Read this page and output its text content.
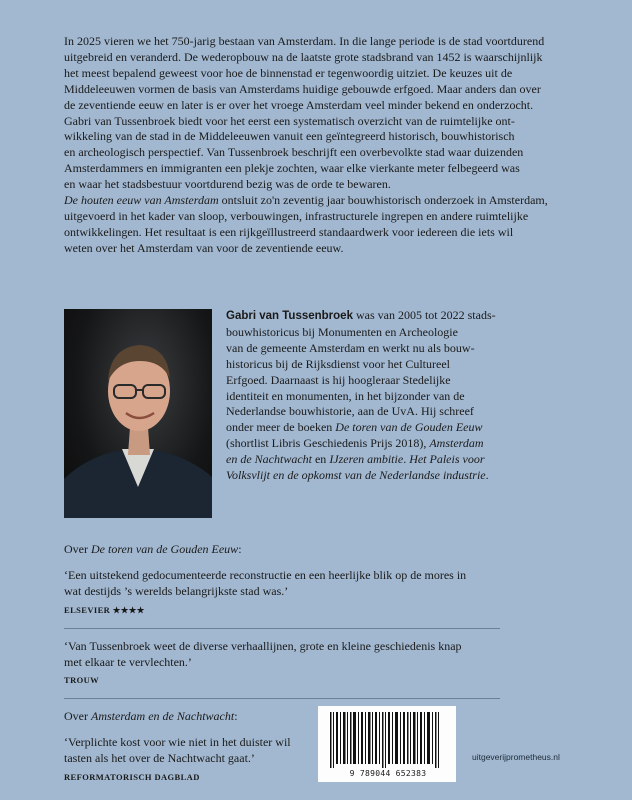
In 2025 vieren we het 750-jarig bestaan van Amsterdam. In die lange periode is de stad voortdurend

uitgebreid en veranderd. De wederopbouw na de laatste grote stadsbrand van 1452 is waarschijnlijk

het meest bepalend geweest voor hoe de binnenstad er tegenwoordig uitziet. De keuzes uit de

Middeleeuwen vormen de basis van Amsterdams huidige gebouwde erfgoed. Maar anders dan over

de zeventiende eeuw en later is er over het vroege Amsterdam veel minder bekend en onderzocht.

Gabri van Tussenbroek biedt voor het eerst een systematisch overzicht van de ruimtelijke ont-

wikkeling van de stad in de Middeleeuwen vanuit een geïntegreerd historisch, bouwhistorisch

en archeologisch perspectief. Van Tussenbroek beschrijft een overbevolkte stad waar duizenden

Amsterdammers en immigranten een plekje zochten, waar elke vierkante meter felbegeerd was

en waar het stadsbestuur voortdurend bezig was de orde te bewaren.

De houten eeuw van Amsterdam ontsluit zo'n zeventig jaar bouwhistorisch onderzoek in Amsterdam,

uitgevoerd in het kader van sloop, verbouwingen, infrastructurele ingrepen en andere ruimtelijke

ontwikkelingen. Het resultaat is een rijkgeïllustreerd standaardwerk voor iedereen die iets wil

weten over het Amsterdam van voor de zeventiende eeuw.

Gabri van Tussenbroek was van 2005 tot 2022 stads-
bouwhistoricus bij Monumenten en Archeologie
van de gemeente Amsterdam en werkt nu als bouw-
historicus bij de Rijksdienst voor het Cultureel
Erfgoed. Daarnaast is hij hoogleraar Stedelijke
identiteit en monumenten, in het bijzonder van de
Nederlandse bouwhistorie, aan de UvA. Hij schreef
onder meer de boeken De toren van de Gouden Eeuw
(shortlist Libris Geschiedenis Prijs 2018), Amsterdam
en de Nachtwacht en IJzeren ambitie. Het Paleis voor
Volksvlijt en de opkomst van de Nederlandse industrie.

Over De toren van de Gouden Eeuw:

‘Een uitstekend gedocumenteerde reconstructie en een heerlijke blik op de mores in

wat destijds ’s werelds belangrijkste stad was.’

ELSEVIER ★★★★

‘Van Tussenbroek weet de diverse verhaallijnen, grote en kleine geschiedenis knap

met elkaar te vervlechten.’

TROUW

Over Amsterdam en de Nachtwacht:

‘Verplichte kost voor wie niet in het duister wil

tasten als het over de Nachtwacht gaat.’

REFORMATORISCH DAGBLAD	9 789044 652383
uitgeverijprometheus.nl
